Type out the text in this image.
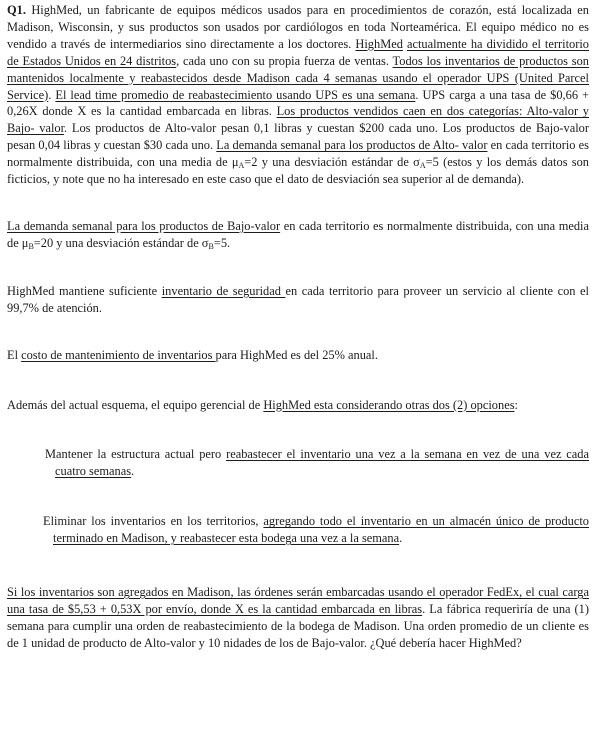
Q1. HighMed, un fabricante de equipos médicos usados para en procedimientos de corazón, está localizada en Madison, Wisconsin, y sus productos son usados por cardiólogos en toda Norteamérica. El equipo médico no es vendido a través de intermediarios sino directamente a los doctores. HighMed actualmente ha dividido el territorio de Estados Unidos en 24 distritos, cada uno con su propia fuerza de ventas. Todos los inventarios de productos son mantenidos localmente y reabastecidos desde Madison cada 4 semanas usando el operador UPS (United Parcel Service). El lead time promedio de reabastecimiento usando UPS es una semana. UPS carga a una tasa de $0,66 + 0,26X donde X es la cantidad embarcada en libras. Los productos vendidos caen en dos categorías: Alto-valor y Bajo- valor. Los productos de Alto-valor pesan 0,1 libras y cuestan $200 cada uno. Los productos de Bajo-valor pesan 0,04 libras y cuestan $30 cada uno. La demanda semanal para los productos de Alto- valor en cada territorio es normalmente distribuida, con una media de $\mu_A=2$ y una desviación estándar de $\sigma_A=5$ (estos y los demás datos son ficticios, y note que no ha interesado en este caso que el dato de desviación sea superior al de demanda).

La demanda semanal para los productos de Bajo-valor en cada territorio es normalmente distribuida, con una media de $\mu_B=20$ y una desviación estándar de $\sigma_B=5$.

HighMed mantiene suficiente inventario de seguridad en cada territorio para proveer un servicio al cliente con el 99,7% de atención.

El costo de mantenimiento de inventarios para HighMed es del 25% anual.

Además del actual esquema, el equipo gerencial de HighMed esta considerando otras dos (2) opciones:

Mantener la estructura actual pero reabastecer el inventario una vez a la semana en vez de una vez cada cuatro semanas.

Eliminar los inventarios en los territorios, agregando todo el inventario en un almacén único de producto terminado en Madison, y reabastecer esta bodega una vez a la semana.

Si los inventarios son agregados en Madison, las órdenes serán embarcadas usando el operador FedEx, el cual carga una tasa de $5,53 + 0,53X por envío, donde X es la cantidad embarcada en libras. La fábrica requeriría de una (1) semana para cumplir una orden de reabastecimiento de la bodega de Madison. Una orden promedio de un cliente es de 1 unidad de producto de Alto-valor y 10 nidades de los de Bajo-valor. ¿Qué debería hacer HighMed?
